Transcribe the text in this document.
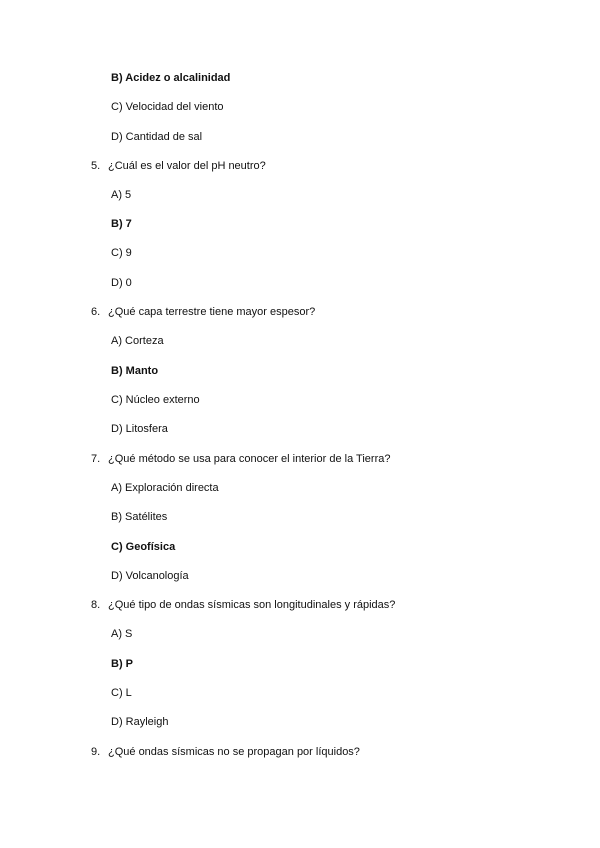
B) Acidez o alcalinidad
C) Velocidad del viento
D) Cantidad de sal
5. ¿Cuál es el valor del pH neutro?
A) 5
B) 7
C) 9
D) 0
6. ¿Qué capa terrestre tiene mayor espesor?
A) Corteza
B) Manto
C) Núcleo externo
D) Litosfera
7. ¿Qué método se usa para conocer el interior de la Tierra?
A) Exploración directa
B) Satélites
C) Geofísica
D) Volcanología
8. ¿Qué tipo de ondas sísmicas son longitudinales y rápidas?
A) S
B) P
C) L
D) Rayleigh
9. ¿Qué ondas sísmicas no se propagan por líquidos?
